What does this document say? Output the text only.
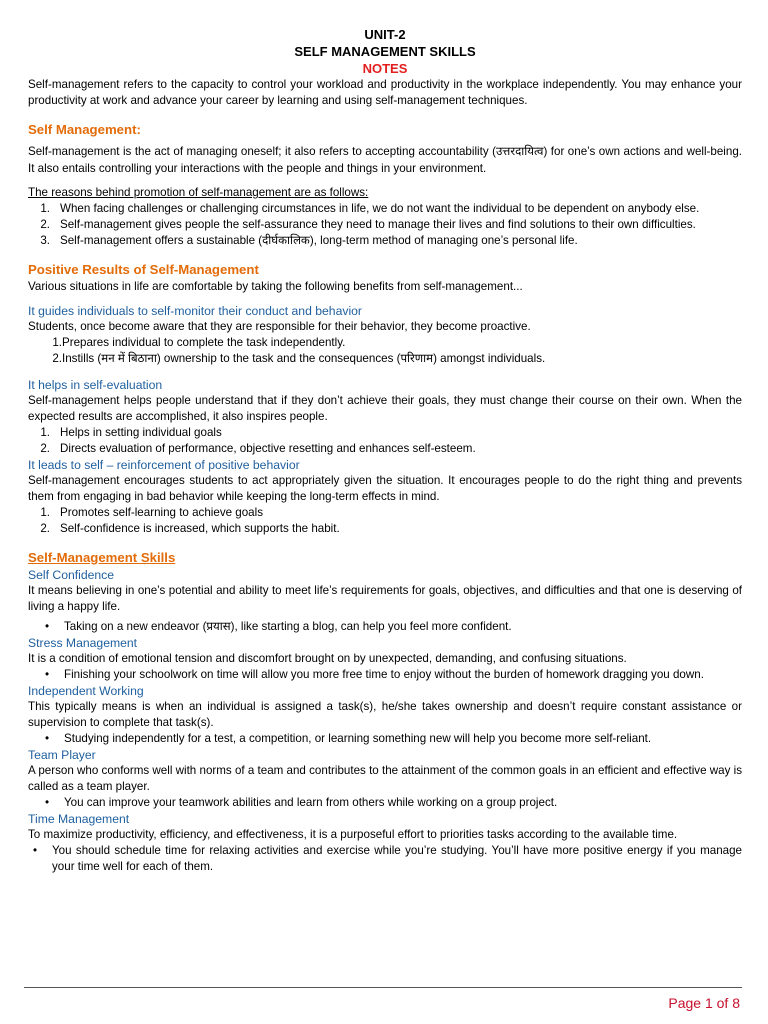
UNIT-2
SELF MANAGEMENT SKILLS
NOTES

Self-management refers to the capacity to control your workload and productivity in the workplace independently. You may enhance your productivity at work and advance your career by learning and using self-management techniques.

Self Management:

Self-management is the act of managing oneself; it also refers to accepting accountability (उत्तरदायित्व) for one’s own actions and well-being. It also entails controlling your interactions with the people and things in your environment.

The reasons behind promotion of self-management are as follows:

1. When facing challenges or challenging circumstances in life, we do not want the individual to be dependent on anybody else.
2. Self-management gives people the self-assurance they need to manage their lives and find solutions to their own difficulties.
3. Self-management offers a sustainable (दीर्घकालिक), long-term method of managing one’s personal life.
Positive Results of Self-Management

Various situations in life are comfortable by taking the following benefits from self-management...

It guides individuals to self-monitor their conduct and behavior

Students, once become aware that they are responsible for their behavior, they become proactive.

1. Prepares individual to complete the task independently.
2. Instills (मन में बिठाना) ownership to the task and the consequences (परिणाम) amongst individuals.
It helps in self-evaluation

Self-management helps people understand that if they don’t achieve their goals, they must change their course on their own. When the expected results are accomplished, it also inspires people.

1. Helps in setting individual goals
2. Directs evaluation of performance, objective resetting and enhances self-esteem.
It leads to self – reinforcement of positive behavior

Self-management encourages students to act appropriately given the situation. It encourages people to do the right thing and prevents them from engaging in bad behavior while keeping the long-term effects in mind.

1. Promotes self-learning to achieve goals
2. Self-confidence is increased, which supports the habit.
Self-Management Skills
Self Confidence

It means believing in one’s potential and ability to meet life’s requirements for goals, objectives, and difficulties and that one is deserving of living a happy life.

•	Taking on a new endeavor (प्रयास), like starting a blog, can help you feel more confident.
Stress Management

It is a condition of emotional tension and discomfort brought on by unexpected, demanding, and confusing situations.

•	Finishing your schoolwork on time will allow you more free time to enjoy without the burden of homework dragging you down.
Independent Working

This typically means is when an individual is assigned a task(s), he/she takes ownership and doesn’t require constant assistance or supervision to complete that task(s).

•	Studying independently for a test, a competition, or learning something new will help you become more self-reliant.
Team Player

A person who conforms well with norms of a team and contributes to the attainment of the common goals in an efficient and effective way is called as a team player.

•	You can improve your teamwork abilities and learn from others while working on a group project.
Time Management

To maximize productivity, efficiency, and effectiveness, it is a purposeful effort to priorities tasks according to the available time.

•	You should schedule time for relaxing activities and exercise while you’re studying. You’ll have more positive energy if you manage your time well for each of them.
Page 1 of 8
